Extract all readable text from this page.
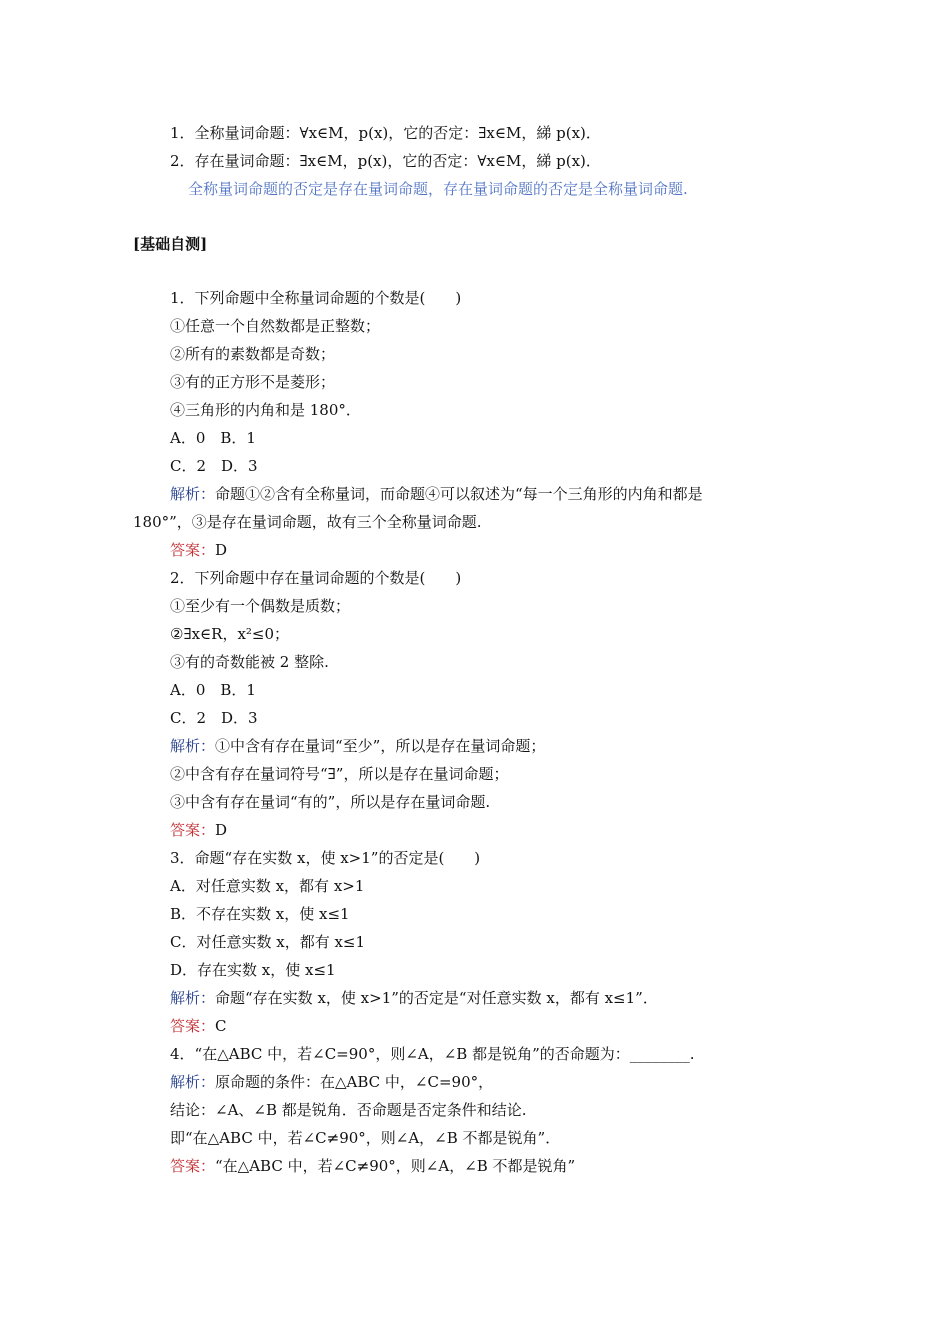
1．全称量词命题：∀x∈M，p(x)，它的否定：∃x∈M，綈 p(x)．
2．存在量词命题：∃x∈M，p(x)，它的否定：∀x∈M，綈 p(x)．
全称量词命题的否定是存在量词命题，存在量词命题的否定是全称量词命题.
[基础自测]
1．下列命题中全称量词命题的个数是(　　)
①任意一个自然数都是正整数；
②所有的素数都是奇数；
③有的正方形不是菱形；
④三角形的内角和是 180°．
A．0　B．1
C．2　D．3
解析：命题①②含有全称量词，而命题④可以叙述为“每一个三角形的内角和都是
180°”，③是存在量词命题，故有三个全称量词命题.
答案：D
2．下列命题中存在量词命题的个数是(　　)
①至少有一个偶数是质数；
②∃x∈R，x²≤0；
③有的奇数能被 2 整除.
A．0　B．1
C．2　D．3
解析：①中含有存在量词“至少”，所以是存在量词命题；
②中含有存在量词符号“∃”，所以是存在量词命题；
③中含有存在量词“有的”，所以是存在量词命题.
答案：D
3．命题“存在实数 x，使 x>1”的否定是(　　)
A．对任意实数 x，都有 x>1
B．不存在实数 x，使 x≤1
C．对任意实数 x，都有 x≤1
D．存在实数 x，使 x≤1
解析：命题“存在实数 x，使 x>1”的否定是“对任意实数 x，都有 x≤1”．
答案：C
4．“在△ABC 中，若∠C=90°，则∠A，∠B 都是锐角”的否命题为：________.
解析：原命题的条件：在△ABC 中，∠C=90°，
结论：∠A、∠B 都是锐角．否命题是否定条件和结论.
即“在△ABC 中，若∠C≠90°，则∠A，∠B 不都是锐角”．
答案：“在△ABC 中，若∠C≠90°，则∠A，∠B 不都是锐角”
